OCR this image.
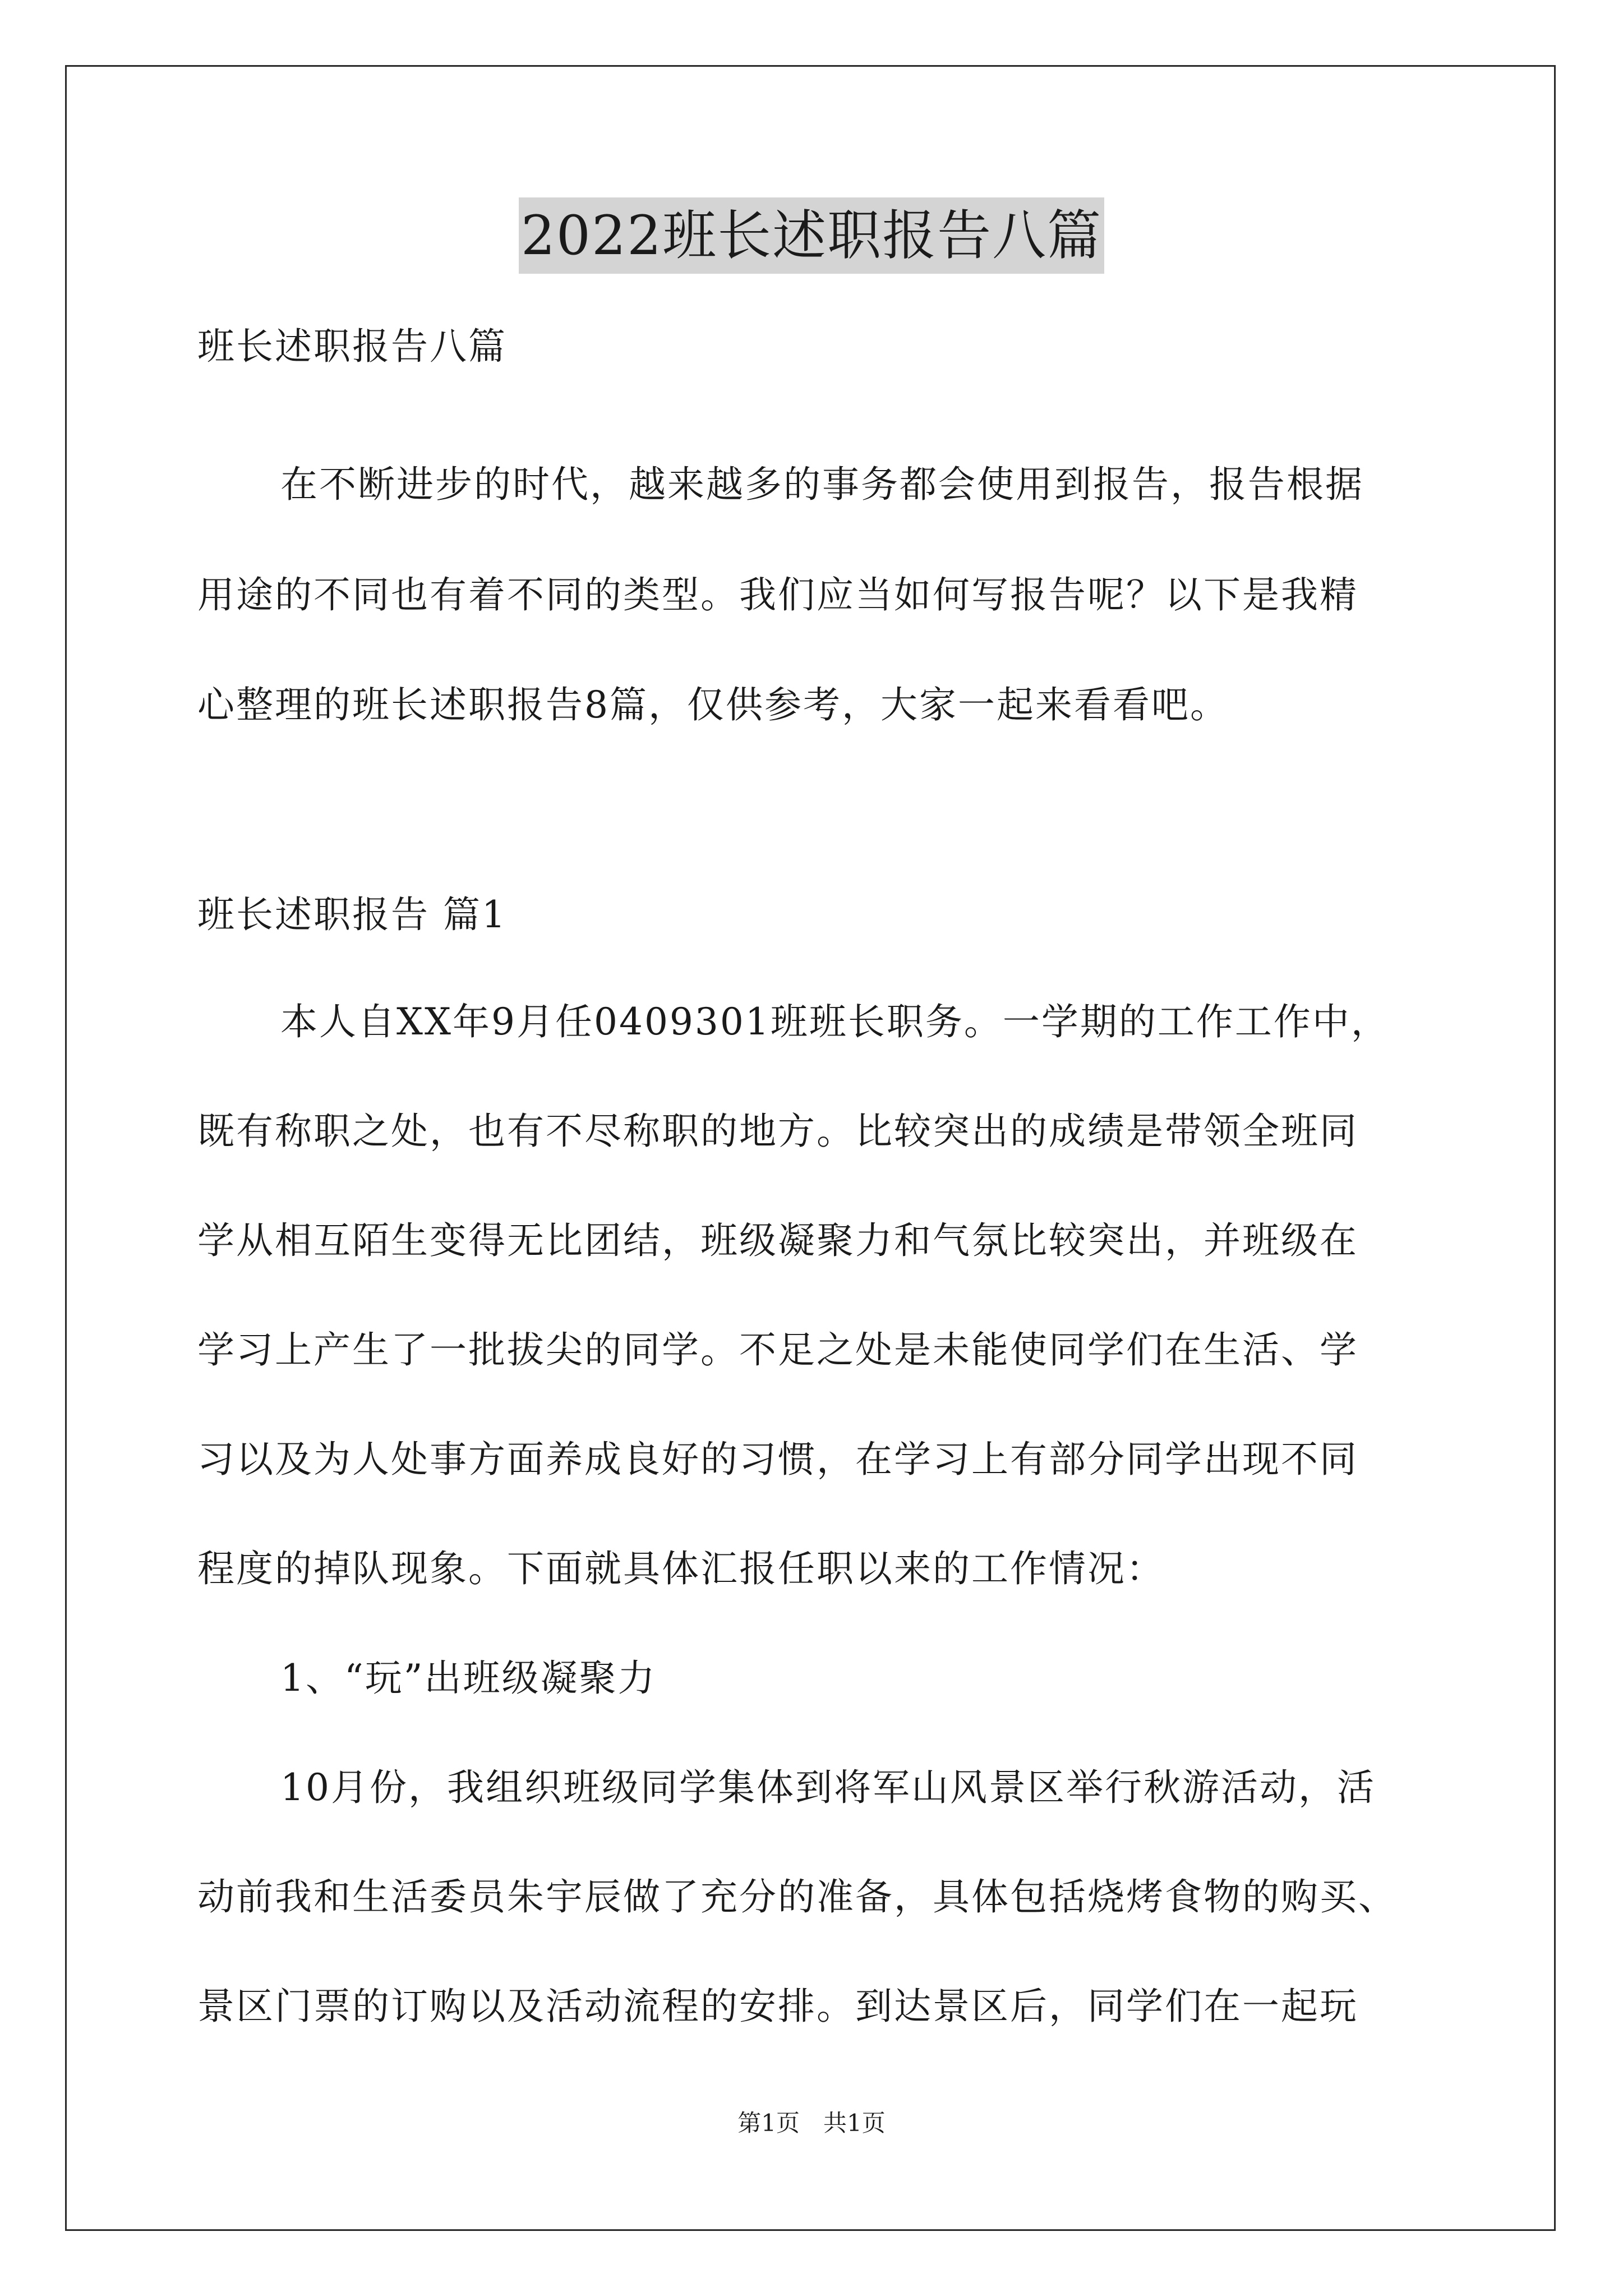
2022班长述职报告八篇
班长述职报告八篇
在不断进步的时代，越来越多的事务都会使用到报告，报告根据
用途的不同也有着不同的类型。我们应当如何写报告呢？以下是我精
心整理的班长述职报告8篇，仅供参考，大家一起来看看吧。
班长述职报告 篇1
本人自XX年9月任0409301班班长职务。一学期的工作工作中，
既有称职之处，也有不尽称职的地方。比较突出的成绩是带领全班同
学从相互陌生变得无比团结，班级凝聚力和气氛比较突出，并班级在
学习上产生了一批拔尖的同学。不足之处是未能使同学们在生活、学
习以及为人处事方面养成良好的习惯，在学习上有部分同学出现不同
程度的掉队现象。下面就具体汇报任职以来的工作情况：
1、“玩”出班级凝聚力
10月份，我组织班级同学集体到将军山风景区举行秋游活动，活
动前我和生活委员朱宇辰做了充分的准备，具体包括烧烤食物的购买、
景区门票的订购以及活动流程的安排。到达景区后，同学们在一起玩
第1页　共1页
